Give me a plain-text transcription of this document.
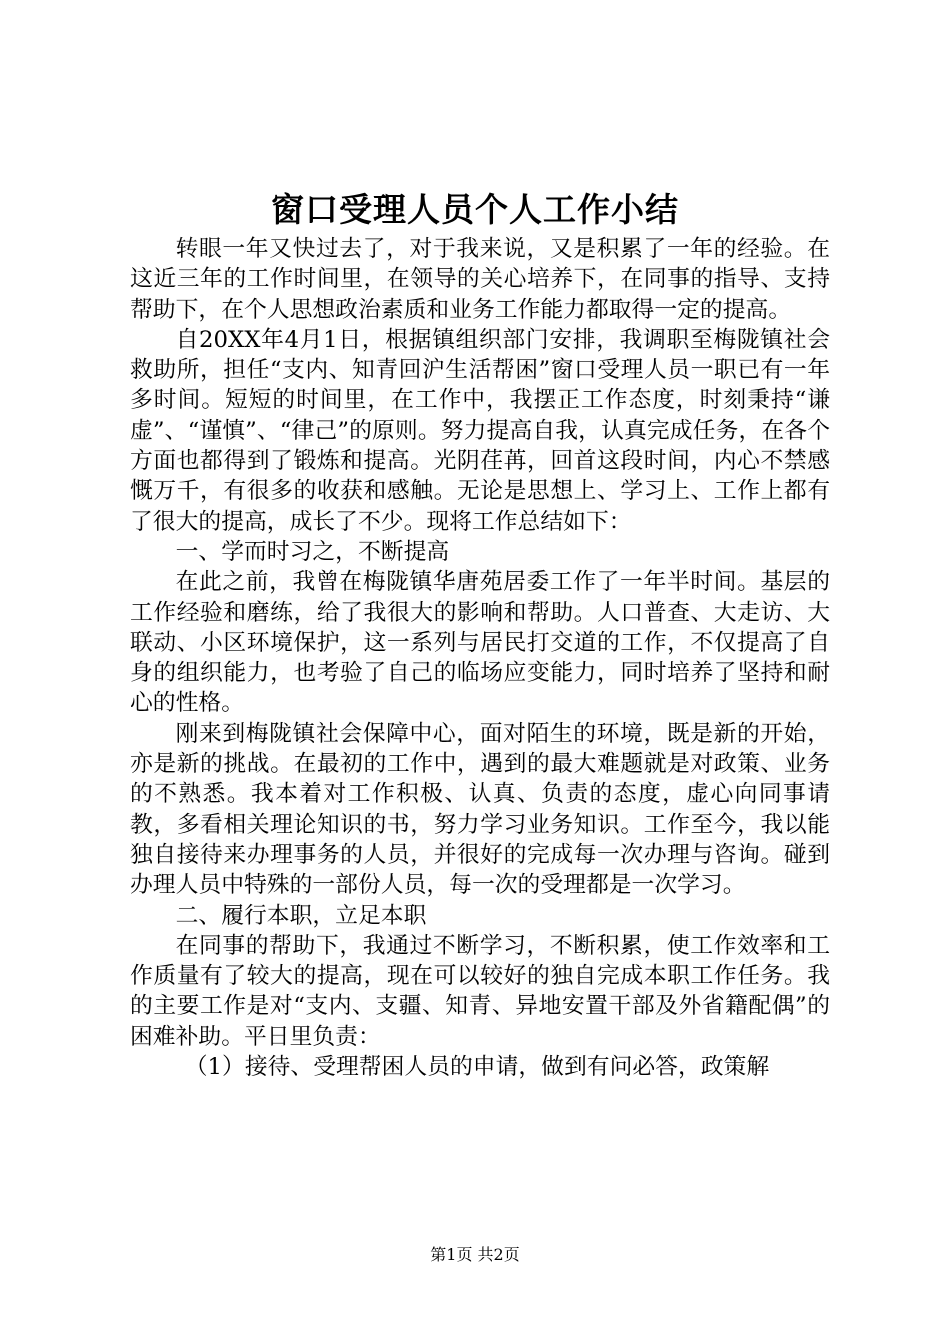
窗口受理人员个人工作小结

转眼一年又快过去了，对于我来说，又是积累了一年的经验。在这近三年的工作时间里，在领导的关心培养下，在同事的指导、支持帮助下，在个人思想政治素质和业务工作能力都取得一定的提高。

自20XX年4月1日，根据镇组织部门安排，我调职至梅陇镇社会救助所，担任“支内、知青回沪生活帮困”窗口受理人员一职已有一年多时间。短短的时间里，在工作中，我摆正工作态度，时刻秉持“谦虚”、“谨慎”、“律己”的原则。努力提高自我，认真完成任务，在各个方面也都得到了锻炼和提高。光阴荏苒，回首这段时间，内心不禁感慨万千，有很多的收获和感触。无论是思想上、学习上、工作上都有了很大的提高，成长了不少。现将工作总结如下：

一、学而时习之，不断提高

在此之前，我曾在梅陇镇华唐苑居委工作了一年半时间。基层的工作经验和磨练，给了我很大的影响和帮助。人口普查、大走访、大联动、小区环境保护，这一系列与居民打交道的工作，不仅提高了自身的组织能力，也考验了自己的临场应变能力，同时培养了坚持和耐心的性格。

刚来到梅陇镇社会保障中心，面对陌生的环境，既是新的开始，亦是新的挑战。在最初的工作中，遇到的最大难题就是对政策、业务的不熟悉。我本着对工作积极、认真、负责的态度，虚心向同事请教，多看相关理论知识的书，努力学习业务知识。工作至今，我以能独自接待来办理事务的人员，并很好的完成每一次办理与咨询。碰到办理人员中特殊的一部份人员，每一次的受理都是一次学习。

二、履行本职，立足本职

在同事的帮助下，我通过不断学习，不断积累，使工作效率和工作质量有了较大的提高，现在可以较好的独自完成本职工作任务。我的主要工作是对“支内、支疆、知青、异地安置干部及外省籍配偶”的困难补助。平日里负责：

（1）接待、受理帮困人员的申请，做到有问必答，政策解

第1页 共2页
